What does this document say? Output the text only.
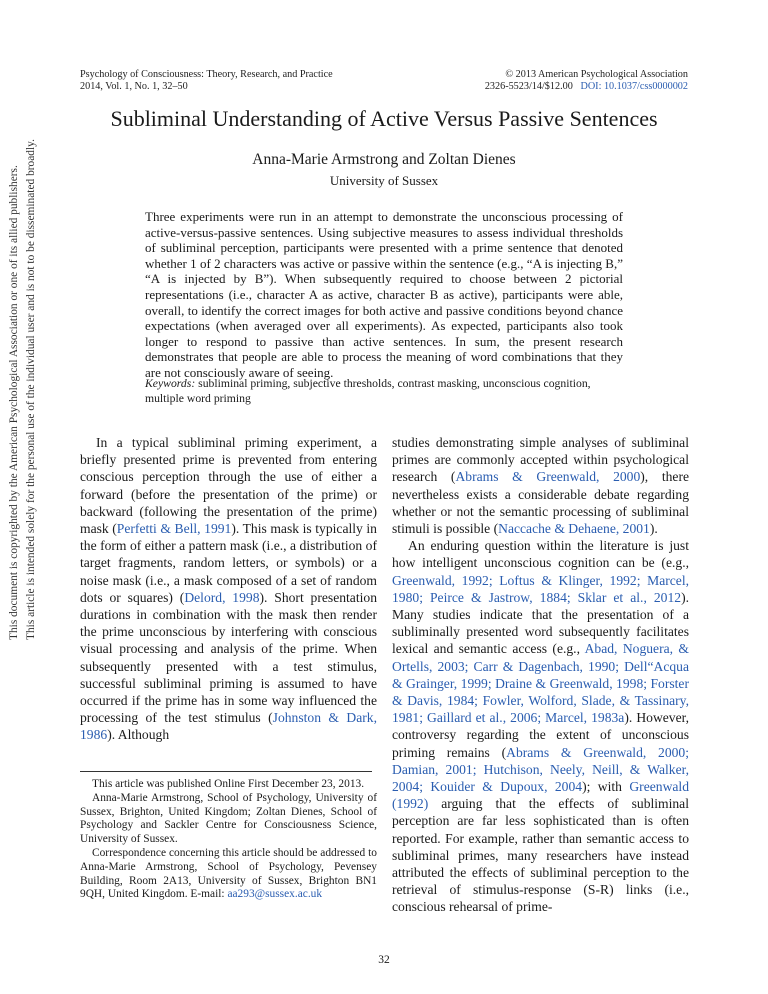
Psychology of Consciousness: Theory, Research, and Practice
2014, Vol. 1, No. 1, 32–50
© 2013 American Psychological Association
2326-5523/14/$12.00 DOI: 10.1037/css0000002
Subliminal Understanding of Active Versus Passive Sentences
Anna-Marie Armstrong and Zoltan Dienes
University of Sussex
Three experiments were run in an attempt to demonstrate the unconscious processing of active-versus-passive sentences. Using subjective measures to assess individual thresholds of subliminal perception, participants were presented with a prime sentence that denoted whether 1 of 2 characters was active or passive within the sentence (e.g., “A is injecting B,” “A is injected by B”). When subsequently required to choose between 2 pictorial representations (i.e., character A as active, character B as active), participants were able, overall, to identify the correct images for both active and passive conditions beyond chance expectations (when averaged over all experiments). As expected, participants also took longer to respond to passive than active sentences. In sum, the present research demonstrates that people are able to process the meaning of word combinations that they are not consciously aware of seeing.
Keywords: subliminal priming, subjective thresholds, contrast masking, unconscious cognition, multiple word priming
This document is copyrighted by the American Psychological Association or one of its allied publishers. This article is intended solely for the personal use of the individual user and is not to be disseminated broadly.	In a typical subliminal priming experiment, a briefly presented prime is prevented from entering conscious perception through the use of either a forward (before the presentation of the prime) or backward (following the presentation of the prime) mask (Perfetti & Bell, 1991). This mask is typically in the form of either a pattern mask (i.e., a distribution of target fragments, random letters, or symbols) or a noise mask (i.e., a mask composed of a set of random dots or squares) (Delord, 1998). Short presentation durations in combination with the mask then render the prime unconscious by interfering with conscious visual processing and analysis of the prime. When subsequently presented with a test stimulus, successful subliminal priming is assumed to have occurred if the prime has in some way influenced the processing of the test stimulus (Johnston & Dark, 1986). Although

This article was published Online First December 23, 2013.

Anna-Marie Armstrong, School of Psychology, University of Sussex, Brighton, United Kingdom; Zoltan Dienes, School of Psychology and Sackler Centre for Consciousness Science, University of Sussex.

Correspondence concerning this article should be addressed to Anna-Marie Armstrong, School of Psychology, Pevensey Building, Room 2A13, University of Sussex, Brighton BN1 9QH, United Kingdom. E-mail: aa293@sussex.ac.uk

studies demonstrating simple analyses of subliminal primes are commonly accepted within psychological research (Abrams & Greenwald, 2000), there nevertheless exists a considerable debate regarding whether or not the semantic processing of subliminal stimuli is possible (Naccache & Dehaene, 2001).

An enduring question within the literature is just how intelligent unconscious cognition can be (e.g., Greenwald, 1992; Loftus & Klinger, 1992; Marcel, 1980; Peirce & Jastrow, 1884; Sklar et al., 2012). Many studies indicate that the presentation of a subliminally presented word subsequently facilitates lexical and semantic access (e.g., Abad, Noguera, & Ortells, 2003; Carr & Dagenbach, 1990; Dell“Acqua & Grainger, 1999; Draine & Greenwald, 1998; Forster & Davis, 1984; Fowler, Wolford, Slade, & Tassinary, 1981; Gaillard et al., 2006; Marcel, 1983a). However, controversy regarding the extent of unconscious priming remains (Abrams & Greenwald, 2000; Damian, 2001; Hutchison, Neely, Neill, & Walker, 2004; Kouider & Dupoux, 2004); with Greenwald (1992) arguing that the effects of subliminal perception are far less sophisticated than is often reported. For example, rather than semantic access to subliminal primes, many researchers have instead attributed the effects of subliminal perception to the retrieval of stimulus-response (S-R) links (i.e., conscious rehearsal of prime-

32
